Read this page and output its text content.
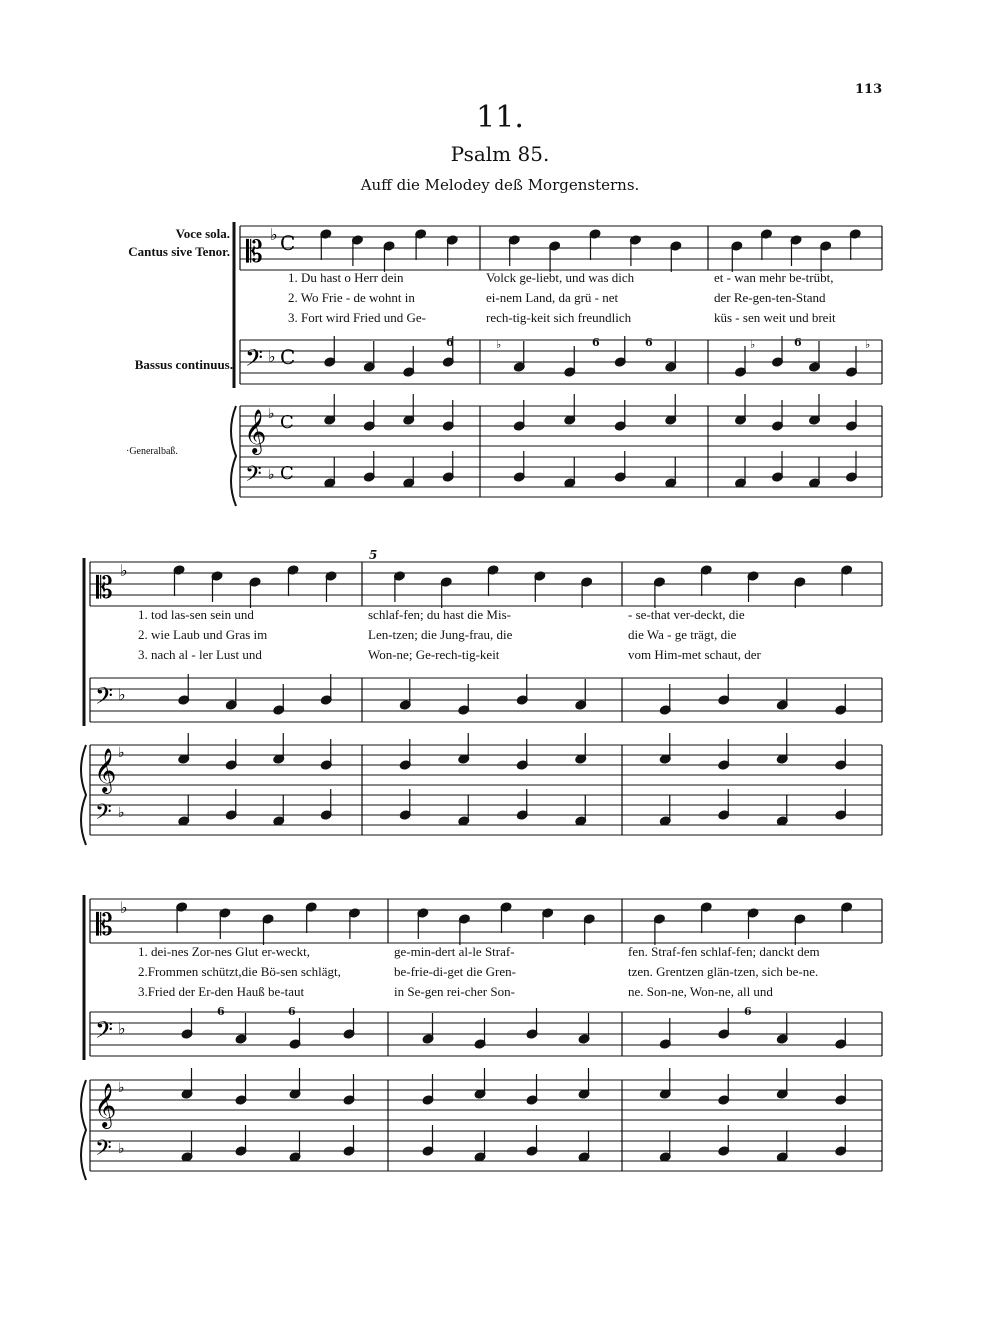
113
11.
Psalm 85.
Auff die Melodey deß Morgensterns.
Voce sola.
Cantus sive Tenor.
Bassus continuus.
·Generalbaß.
𝄡
𝄢
𝄞
𝄢
♭
♭
♭
♭
C
C
C
C
𝄡
𝄢
𝄞
𝄢
♭
♭
♭
♭
𝄡
𝄢
𝄞
𝄢
♭
♭
♭
♭
1. Du hast o Herr dein	Volck ge-liebt, und was dich	et - wan mehr be-trübt,
2. Wo Frie - de wohnt in	ei-nem Land, da grü - net	der Re-gen-ten-Stand
3. Fort wird Fried und Ge-	rech-tig-keit sich freundlich	küs - sen weit und breit
1. tod las-sen sein und	schlaf-fen; du hast die Mis-	- se-that ver-deckt, die
2. wie Laub und Gras im	Len-tzen; die Jung-frau, die	die Wa - ge trägt, die
3. nach al - ler Lust und	Won-ne; Ge-rech-tig-keit	vom Him-met schaut, der
1. dei-nes Zor-nes Glut er-weckt,	ge-min-dert al-le Straf-	fen. Straf-fen schlaf-fen; danckt dem
2.Frommen schützt,die Bö-sen schlägt,	be-frie-di-get die Gren-	tzen. Grentzen glän-tzen, sich be-ne.
3.Fried der Er-den Hauß be-taut	in Se-gen rei-cher Son-	ne. Son-ne, Won-ne, all und
6	♭	6	6	♭	6	♭
6	6	6
5
